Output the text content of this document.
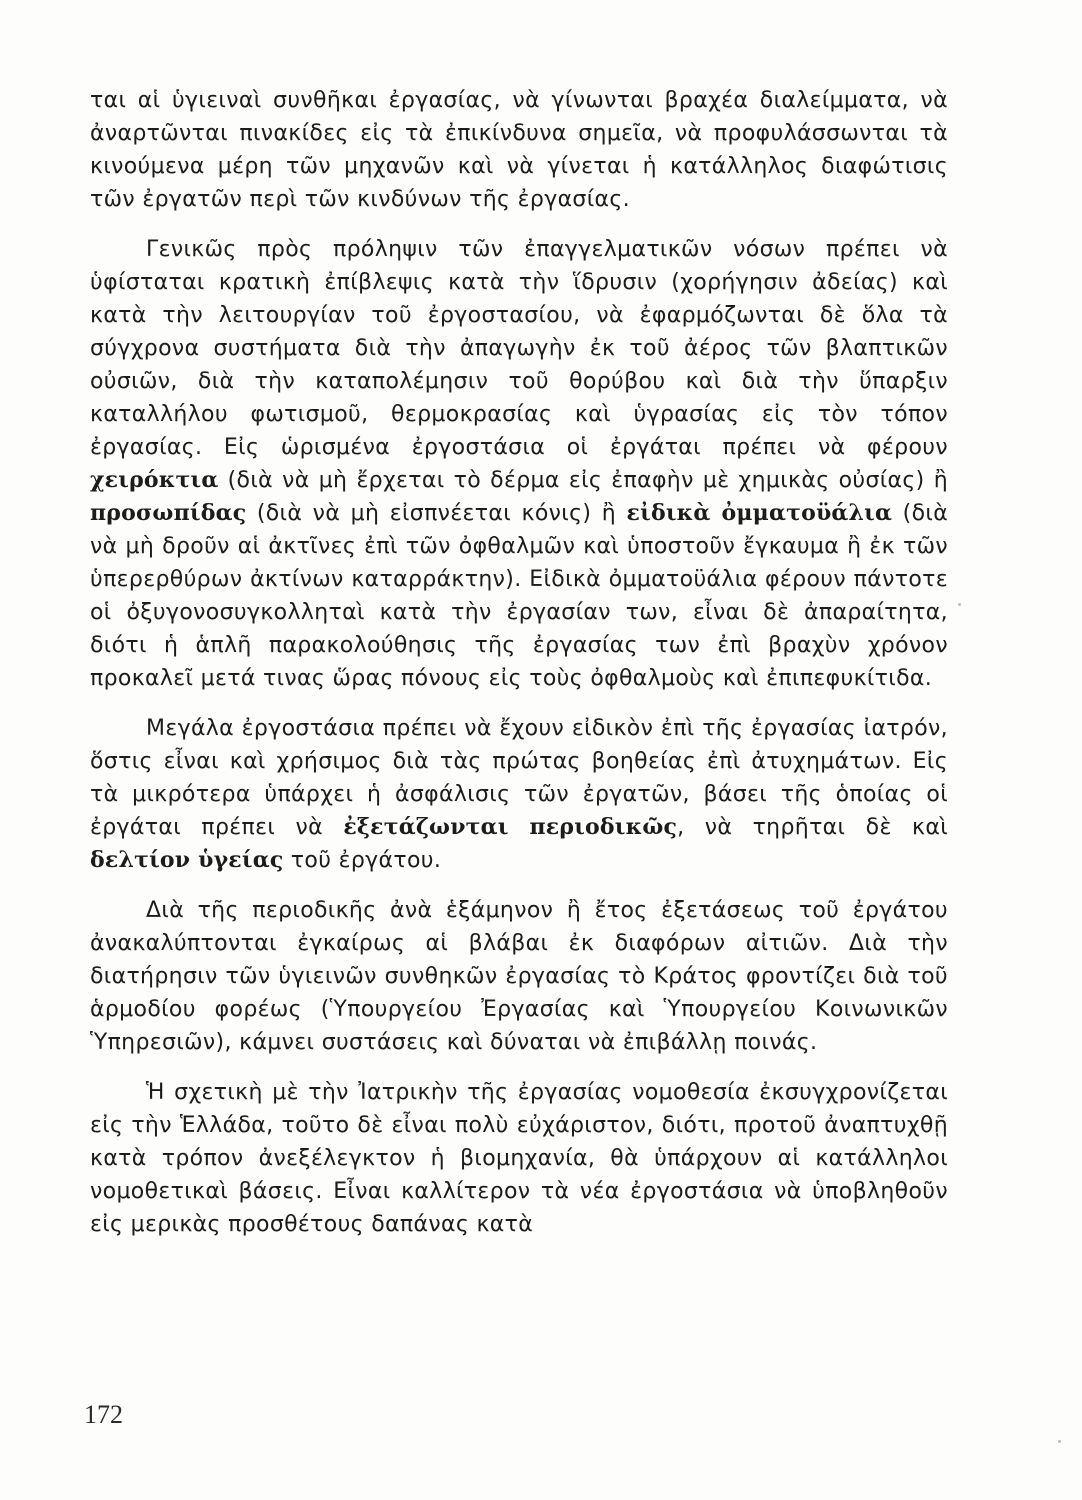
ται αἱ ὑγιειναὶ συνθῆκαι ἐργασίας, νὰ γίνωνται βραχέα διαλείμματα, νὰ ἀναρτῶνται πινακίδες εἰς τὰ ἐπικίνδυνα σημεῖα, νὰ προφυλάσσωνται τὰ κινούμενα μέρη τῶν μηχανῶν καὶ νὰ γίνεται ἡ κατάλληλος διαφώτισις τῶν ἐργατῶν περὶ τῶν κινδύνων τῆς ἐργασίας.

Γενικῶς πρὸς πρόληψιν τῶν ἐπαγγελματικῶν νόσων πρέπει νὰ ὑφίσταται κρατικὴ ἐπίβλεψις κατὰ τὴν ἵδρυσιν (χορήγησιν ἀδείας) καὶ κατὰ τὴν λειτουργίαν τοῦ ἐργοστασίου, νὰ ἐφαρμόζωνται δὲ ὅλα τὰ σύγχρονα συστήματα διὰ τὴν ἀπαγωγὴν ἐκ τοῦ ἀέρος τῶν βλαπτικῶν οὐσιῶν, διὰ τὴν καταπολέμησιν τοῦ θορύβου καὶ διὰ τὴν ὕπαρξιν καταλλήλου φωτισμοῦ, θερμοκρασίας καὶ ὑγρασίας εἰς τὸν τόπον ἐργασίας. Εἰς ὡρισμένα ἐργοστάσια οἱ ἐργάται πρέπει νὰ φέρουν χειρόκτια (διὰ νὰ μὴ ἔρχεται τὸ δέρμα εἰς ἐπαφὴν μὲ χημικὰς οὐσίας) ἢ προσωπίδας (διὰ νὰ μὴ εἰσπνέεται κόνις) ἢ εἰδικὰ ὀμματοϋάλια (διὰ νὰ μὴ δροῦν αἱ ἀκτῖνες ἐπὶ τῶν ὀφθαλμῶν καὶ ὑποστοῦν ἔγκαυμα ἢ ἐκ τῶν ὑπερερθύρων ἀκτίνων καταρράκτην). Εἰδικὰ ὀμματοϋάλια φέρουν πάντοτε οἱ ὀξυγονοσυγκολληταὶ κατὰ τὴν ἐργασίαν των, εἶναι δὲ ἀπαραίτητα, διότι ἡ ἁπλῆ παρακολούθησις τῆς ἐργασίας των ἐπὶ βραχὺν χρόνον προκαλεῖ μετά τινας ὥρας πόνους εἰς τοὺς ὀφθαλμοὺς καὶ ἐπιπεφυκίτιδα.

Μεγάλα ἐργοστάσια πρέπει νὰ ἔχουν εἰδικὸν ἐπὶ τῆς ἐργασίας ἰατρόν, ὅστις εἶναι καὶ χρήσιμος διὰ τὰς πρώτας βοηθείας ἐπὶ ἀτυχημάτων. Εἰς τὰ μικρότερα ὑπάρχει ἡ ἀσφάλισις τῶν ἐργατῶν, βάσει τῆς ὁποίας οἱ ἐργάται πρέπει νὰ ἐξετάζωνται περιοδικῶς, νὰ τηρῆται δὲ καὶ δελτίον ὑγείας τοῦ ἐργάτου.

Διὰ τῆς περιοδικῆς ἀνὰ ἑξάμηνον ἢ ἔτος ἐξετάσεως τοῦ ἐργάτου ἀνακαλύπτονται ἐγκαίρως αἱ βλάβαι ἐκ διαφόρων αἰτιῶν. Διὰ τὴν διατήρησιν τῶν ὑγιεινῶν συνθηκῶν ἐργασίας τὸ Κράτος φροντίζει διὰ τοῦ ἁρμοδίου φορέως (Ὑπουργείου Ἐργασίας καὶ Ὑπουργείου Κοινωνικῶν Ὑπηρεσιῶν), κάμνει συστάσεις καὶ δύναται νὰ ἐπιβάλλῃ ποινάς.

Ἡ σχετικὴ μὲ τὴν Ἰατρικὴν τῆς ἐργασίας νομοθεσία ἐκσυγχρονίζεται εἰς τὴν Ἑλλάδα, τοῦτο δὲ εἶναι πολὺ εὐχάριστον, διότι, προτοῦ ἀναπτυχθῇ κατὰ τρόπον ἀνεξέλεγκτον ἡ βιομηχανία, θὰ ὑπάρχουν αἱ κατάλληλοι νομοθετικαὶ βάσεις. Εἶναι καλλίτερον τὰ νέα ἐργοστάσια νὰ ὑποβληθοῦν εἰς μερικὰς προσθέτους δαπάνας κατὰ

172
